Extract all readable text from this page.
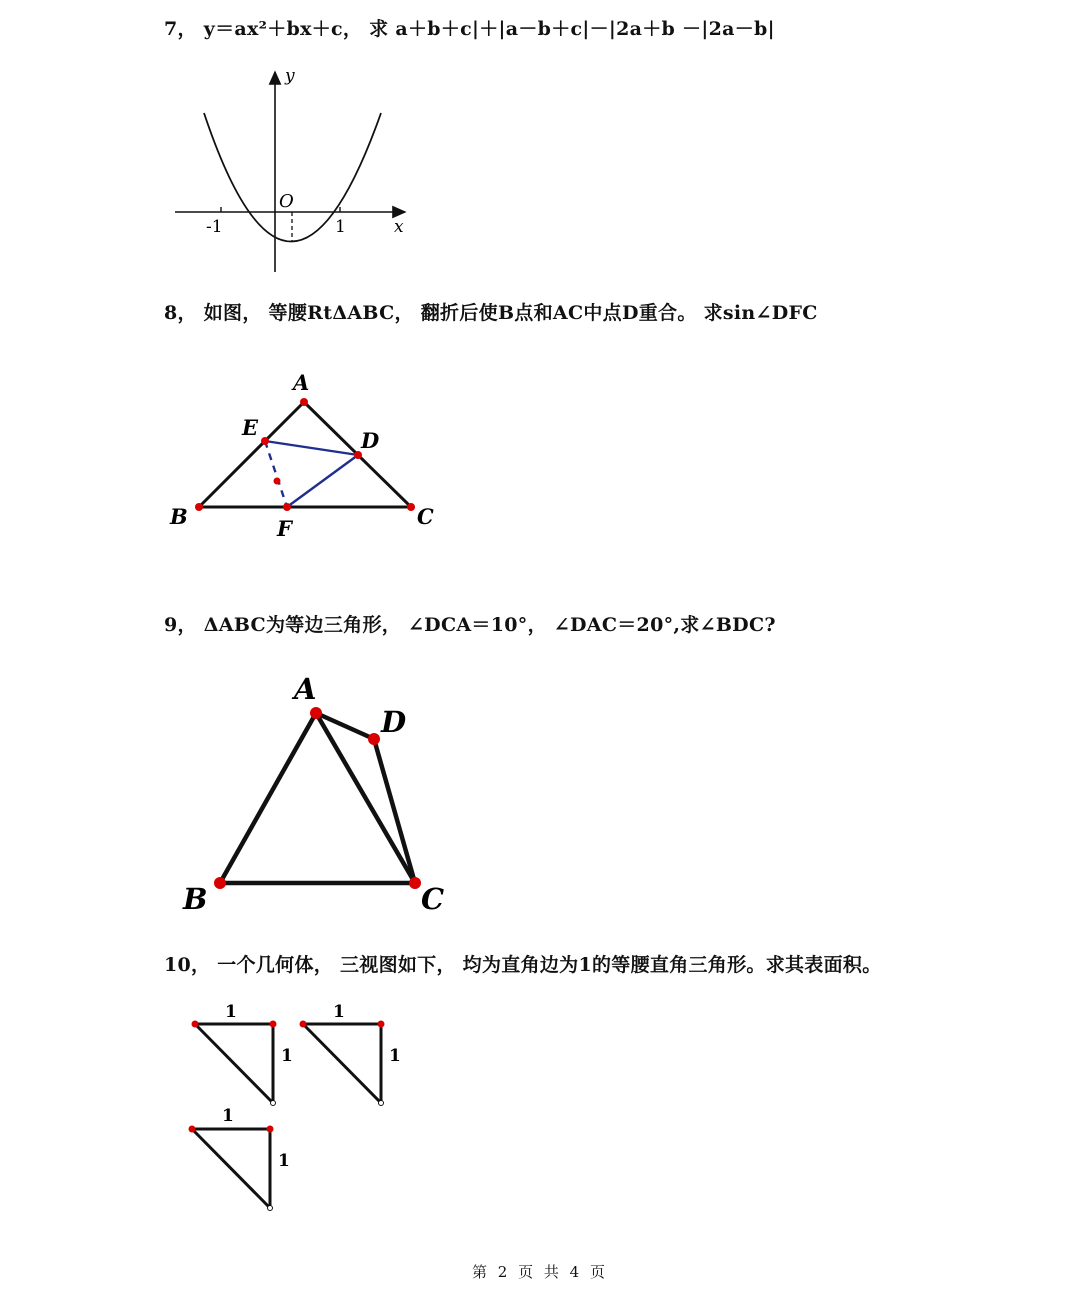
7， y＝ax²＋bx＋c， 求 a＋b＋c|＋|a－b＋c|－|2a＋b －|2a－b|
8， 如图， 等腰RtΔABC， 翻折后使B点和AC中点D重合。 求sin∠DFC
9， ΔABC为等边三角形， ∠DCA＝10°， ∠DAC＝20°,求∠BDC?
10， 一个几何体， 三视图如下， 均为直角边为1的等腰直角三角形。求其表面积。
y
x
O
-1	1
A
B	C
D
E
F
A
B	C
D
1
1
1
1
1
1
第 2 页 共 4 页
